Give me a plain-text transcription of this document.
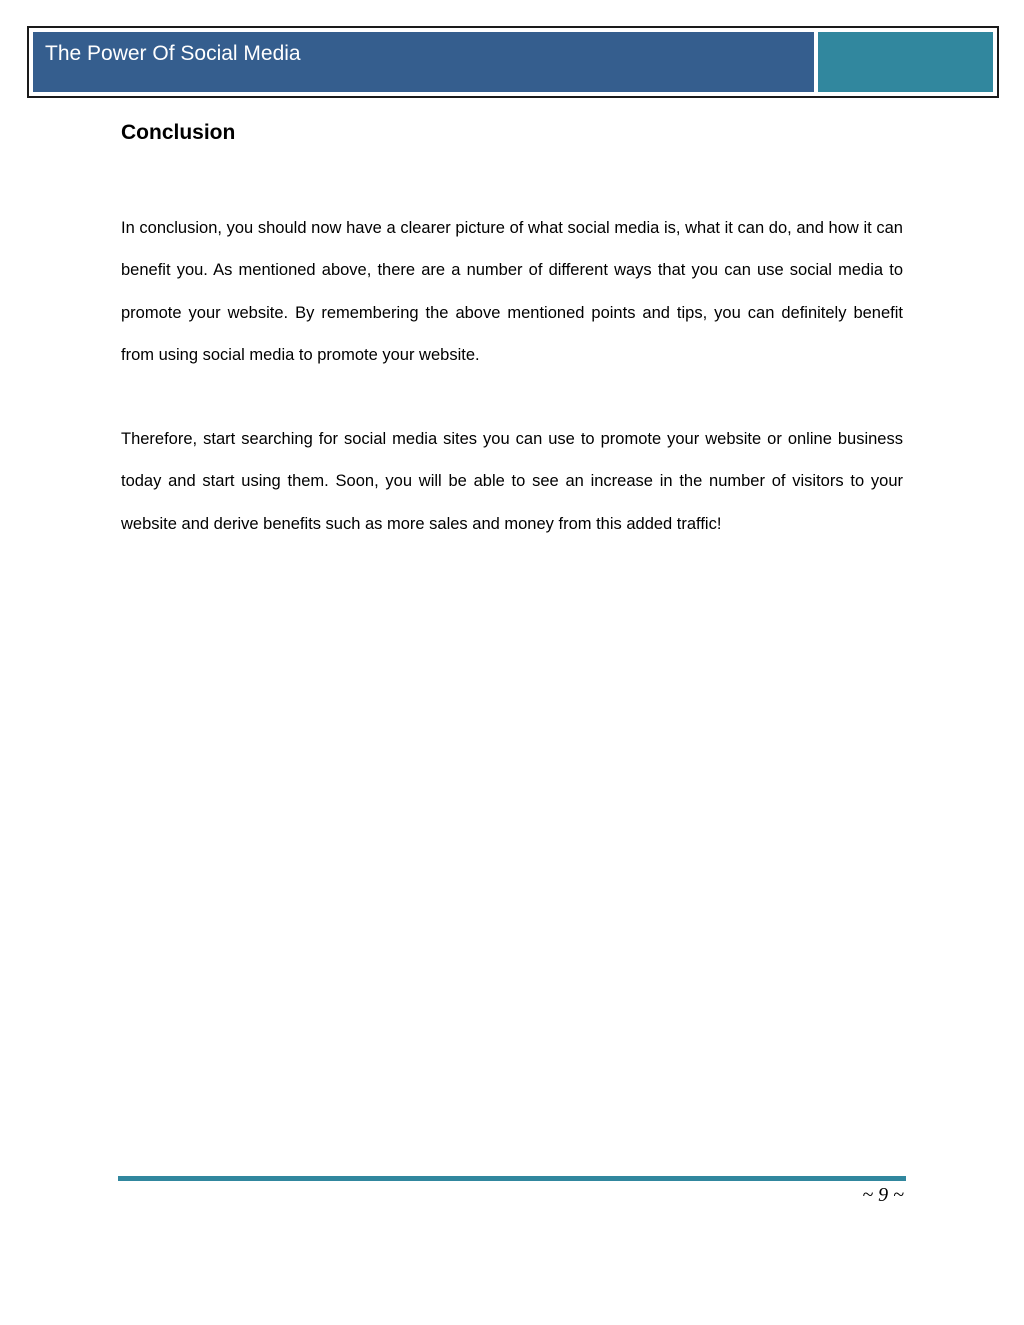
The Power Of Social Media
Conclusion

In conclusion, you should now have a clearer picture of what social media is, what it can do, and how it can benefit you. As mentioned above, there are a number of different ways that you can use social media to promote your website. By remembering the above mentioned points and tips, you can definitely benefit from using social media to promote your website.

Therefore, start searching for social media sites you can use to promote your website or online business today and start using them. Soon, you will be able to see an increase in the number of visitors to your website and derive benefits such as more sales and money from this added traffic!

~ 9 ~
